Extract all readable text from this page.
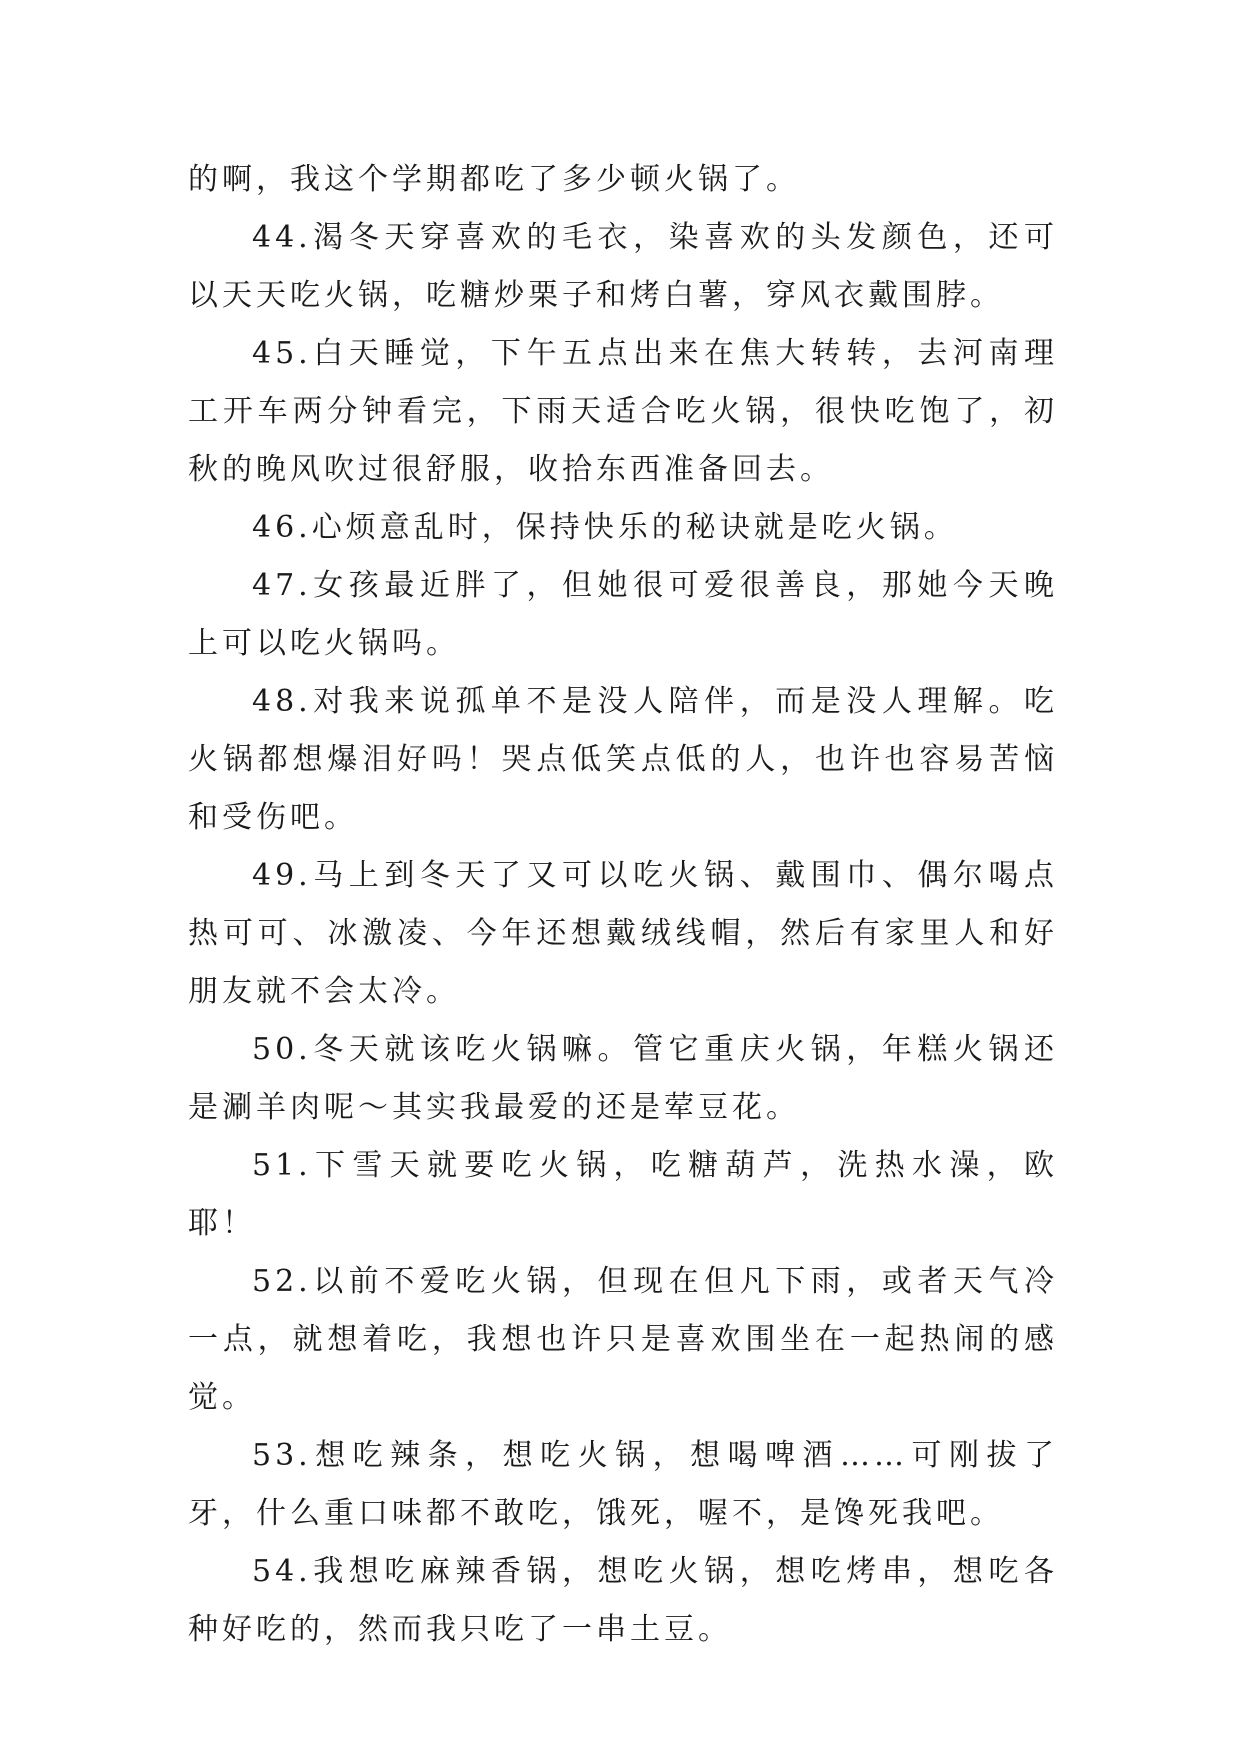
的啊，我这个学期都吃了多少顿火锅了。

44.渴冬天穿喜欢的毛衣，染喜欢的头发颜色，还可以天天吃火锅，吃糖炒栗子和烤白薯，穿风衣戴围脖。

45.白天睡觉，下午五点出来在焦大转转，去河南理工开车两分钟看完，下雨天适合吃火锅，很快吃饱了，初秋的晚风吹过很舒服，收拾东西准备回去。

46.心烦意乱时，保持快乐的秘诀就是吃火锅。

47.女孩最近胖了，但她很可爱很善良，那她今天晚上可以吃火锅吗。

48.对我来说孤单不是没人陪伴，而是没人理解。吃火锅都想爆泪好吗！哭点低笑点低的人，也许也容易苦恼和受伤吧。

49.马上到冬天了又可以吃火锅、戴围巾、偶尔喝点热可可、冰激凌、今年还想戴绒线帽，然后有家里人和好朋友就不会太冷。

50.冬天就该吃火锅嘛。管它重庆火锅，年糕火锅还是涮羊肉呢～其实我最爱的还是荤豆花。

51.下雪天就要吃火锅，吃糖葫芦，洗热水澡，欧耶！

52.以前不爱吃火锅，但现在但凡下雨，或者天气冷一点，就想着吃，我想也许只是喜欢围坐在一起热闹的感觉。

53.想吃辣条，想吃火锅，想喝啤酒……可刚拔了牙，什么重口味都不敢吃，饿死，喔不，是馋死我吧。

54.我想吃麻辣香锅，想吃火锅，想吃烤串，想吃各种好吃的，然而我只吃了一串土豆。
